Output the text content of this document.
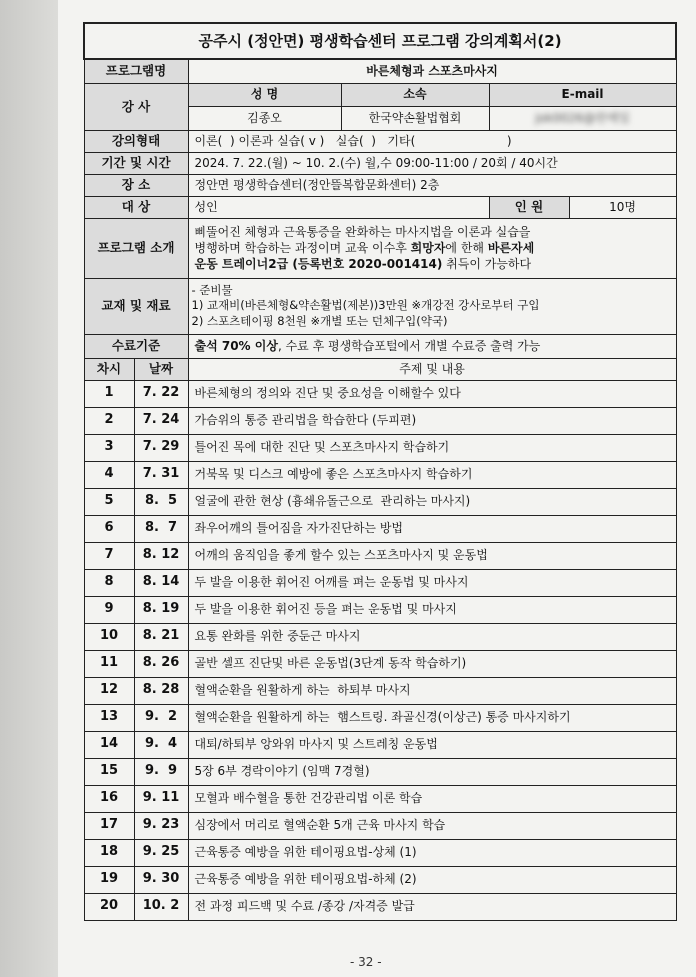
공주시 (정안면) 평생학습센터 프로그램 강의계획서(2)					
프로그램명		바른체형과 스포츠마사지			
강 사		성 명	소속	E-mail	
		김종오	한국약손활법협회	jok0026@한메일	
강의형태		이론(  ) 이론과 실습( v )   실습(  )   기타(                        )			
기간 및 시간		2024. 7. 22.(월) ~ 10. 2.(수) 월,수 09:00-11:00 / 20회 / 40시간			
장 소		정안면 평생학습센터(정안뜰복합문화센터) 2층			
대 상		성인		인 원	10명
프로그램 소개		삐뚤어진 체형과 근육통증을 완화하는 마사지법을 이론과 실습을
병행하며 학습하는 과정이며 교육 이수후 희망자에 한해 바른자세
운동 트레이너2급 (등록번호 2020-001414) 취득이 가능하다			

교재 및 재료		- 준비물
1) 교재비(바른체형&약손활법(제본))3만원 ※개강전 강사로부터 구입
2) 스포츠테이핑 8천원 ※개별 또는 던체구입(약국)			

수료기준		출석 70% 이상, 수료 후 평생학습포털에서 개별 수료증 출력 가능			
차시	날짜	주제 및 내용			
1	7. 22	바른체형의 정의와 진단 및 중요성을 이해할수 있다			
2	7. 24	가슴위의 통증 관리법을 학습한다 (두피편)			
3	7. 29	틀어진 목에 대한 진단 및 스포츠마사지 학습하기			
4	7. 31	거북목 및 디스크 예방에 좋은 스포츠마사지 학습하기			
5	8.  5	얼굴에 관한 현상 (흉쇄유돌근으로  관리하는 마사지)			
6	8.  7	좌우어깨의 틀어짐을 자가진단하는 방법			
7	8. 12	어깨의 움직임을 좋게 할수 있는 스포츠마사지 및 운동법			
8	8. 14	두 발을 이용한 휘어진 어깨를 펴는 운동법 및 마사지			
9	8. 19	두 발을 이용한 휘어진 등을 펴는 운동법 및 마사지			
10	8. 21	요통 완화를 위한 중둔근 마사지			
11	8. 26	골반 셀프 진단및 바른 운동법(3단계 동작 학습하기)			
12	8. 28	혈액순환을 원활하게 하는  하퇴부 마사지			
13	9.  2	혈액순환을 원활하게 하는  햄스트링. 좌골신경(이상근) 통증 마사지하기			
14	9.  4	대퇴/하퇴부 앙와위 마사지 및 스트레칭 운동법			
15	9.  9	5장 6부 경락이야기 (임맥 7경혈)			
16	9. 11	모혈과 배수혈을 통한 건강관리법 이론 학습			
17	9. 23	심장에서 머리로 혈액순환 5개 근육 마사지 학습			
18	9. 25	근육통증 예방을 위한 테이핑요법-상체 (1)			
19	9. 30	근육통증 예방을 위한 테이핑요법-하체 (2)			
20	10. 2	전 과정 피드백 및 수료 /종강 /자격증 발급			
- 32 -
